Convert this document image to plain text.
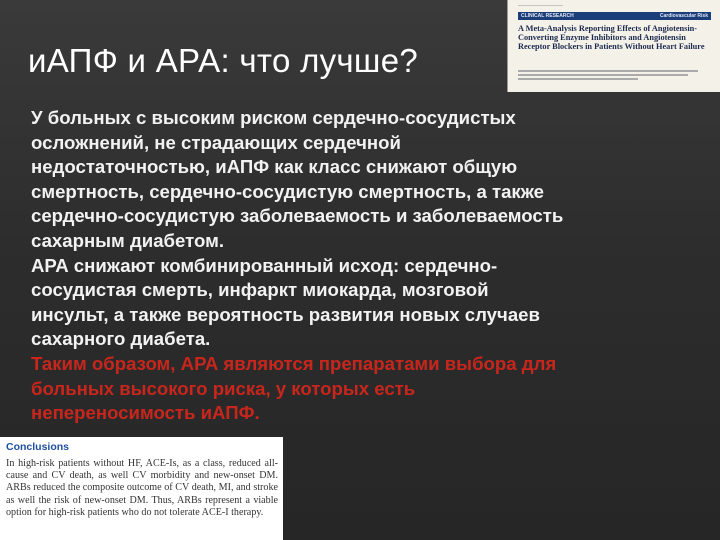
——————————
CLINICAL RESEARCH	Cardiovascular Risk
A Meta-Analysis Reporting Effects of Angiotensin-Converting Enzyme Inhibitors and Angiotensin Receptor Blockers in Patients Without Heart Failure
иАПФ и АРА: что лучше?

У больных с высоким риском сердечно-сосудистых осложнений, не страдающих сердечной недостаточностью, иАПФ как класс снижают общую смертность, сердечно-сосудистую смертность, а также сердечно-сосудистую заболеваемость и заболеваемость сахарным диабетом.

АРА снижают комбинированный исход: сердечно-сосудистая смерть, инфаркт миокарда, мозговой инсульт, а также вероятность развития новых случаев сахарного диабета.

Таким образом, АРА являются препаратами выбора для больных высокого риска, у которых есть непереносимость иАПФ.

Conclusions
In high-risk patients without HF, ACE-Is, as a class, reduced all-cause and CV death, as well CV morbidity and new-onset DM. ARBs reduced the composite outcome of CV death, MI, and stroke as well the risk of new-onset DM. Thus, ARBs represent a viable option for high-risk patients who do not tolerate ACE-I therapy.
